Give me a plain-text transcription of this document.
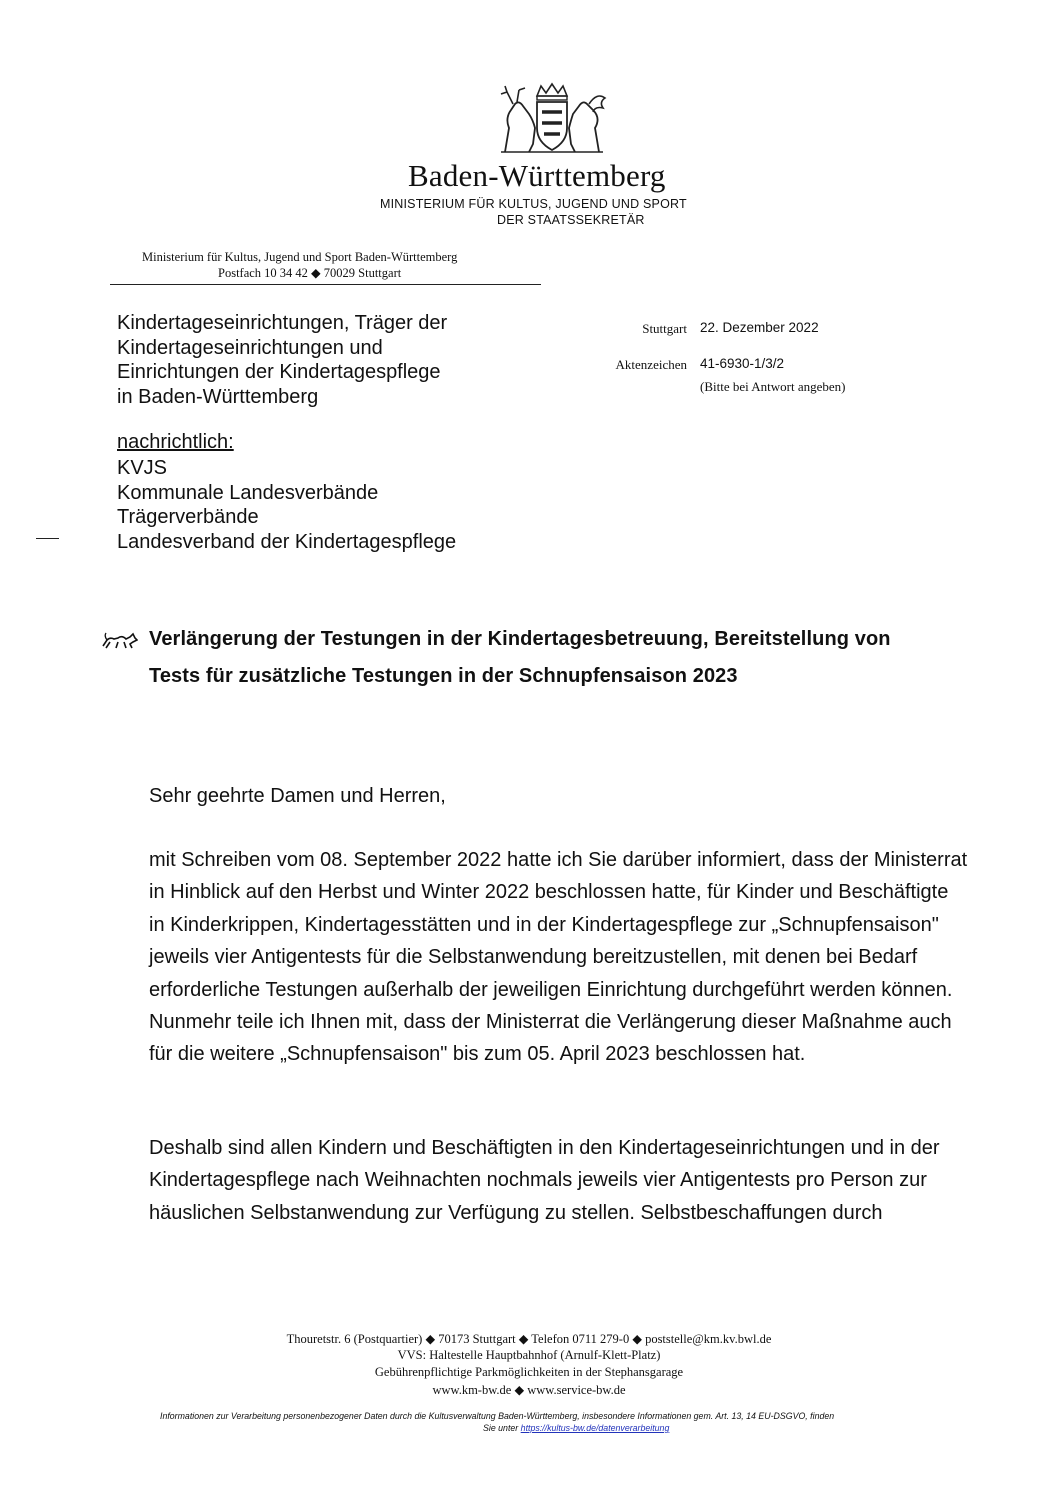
Baden-Württemberg
MINISTERIUM FÜR KULTUS, JUGEND UND SPORT
DER STAATSSEKRETÄR
Ministerium für Kultus, Jugend und Sport Baden-Württemberg
Postfach 10 34 42 ◆ 70029 Stuttgart
Kindertageseinrichtungen, Träger der
Kindertageseinrichtungen und
Einrichtungen der Kindertagespflege
in Baden-Württemberg
nachrichtlich:
KVJS
Kommunale Landesverbände
Trägerverbände
Landesverband der Kindertagespflege
Stuttgart 22. Dezember 2022
Aktenzeichen 41-6930-1/3/2
(Bitte bei Antwort angeben)
Verlängerung der Testungen in der Kindertagesbetreuung, Bereitstellung von
Tests für zusätzliche Testungen in der Schnupfensaison 2023
Sehr geehrte Damen und Herren,
mit Schreiben vom 08. September 2022 hatte ich Sie darüber informiert, dass der Ministerrat in Hinblick auf den Herbst und Winter 2022 beschlossen hatte, für Kinder und Beschäftigte in Kinderkrippen, Kindertagesstätten und in der Kindertagespflege zur „Schnupfensaison" jeweils vier Antigentests für die Selbstanwendung bereitzustellen, mit denen bei Bedarf erforderliche Testungen außerhalb der jeweiligen Einrichtung durchgeführt werden können. Nunmehr teile ich Ihnen mit, dass der Ministerrat die Verlängerung dieser Maßnahme auch für die weitere „Schnupfensaison" bis zum 05. April 2023 beschlossen hat.
Deshalb sind allen Kindern und Beschäftigten in den Kindertageseinrichtungen und in der Kindertagespflege nach Weihnachten nochmals jeweils vier Antigentests pro Person zur häuslichen Selbstanwendung zur Verfügung zu stellen. Selbstbeschaffungen durch
Thouretstr. 6 (Postquartier) ◆ 70173 Stuttgart ◆ Telefon 0711 279-0 ◆ poststelle@km.kv.bwl.de
VVS: Haltestelle Hauptbahnhof (Arnulf-Klett-Platz)
Gebührenpflichtige Parkmöglichkeiten in der Stephansgarage
www.km-bw.de ◆ www.service-bw.de
Informationen zur Verarbeitung personenbezogener Daten durch die Kultusverwaltung Baden-Württemberg, insbesondere Informationen gem. Art. 13, 14 EU-DSGVO, finden
Sie unter https://kultus-bw.de/datenverarbeitung
